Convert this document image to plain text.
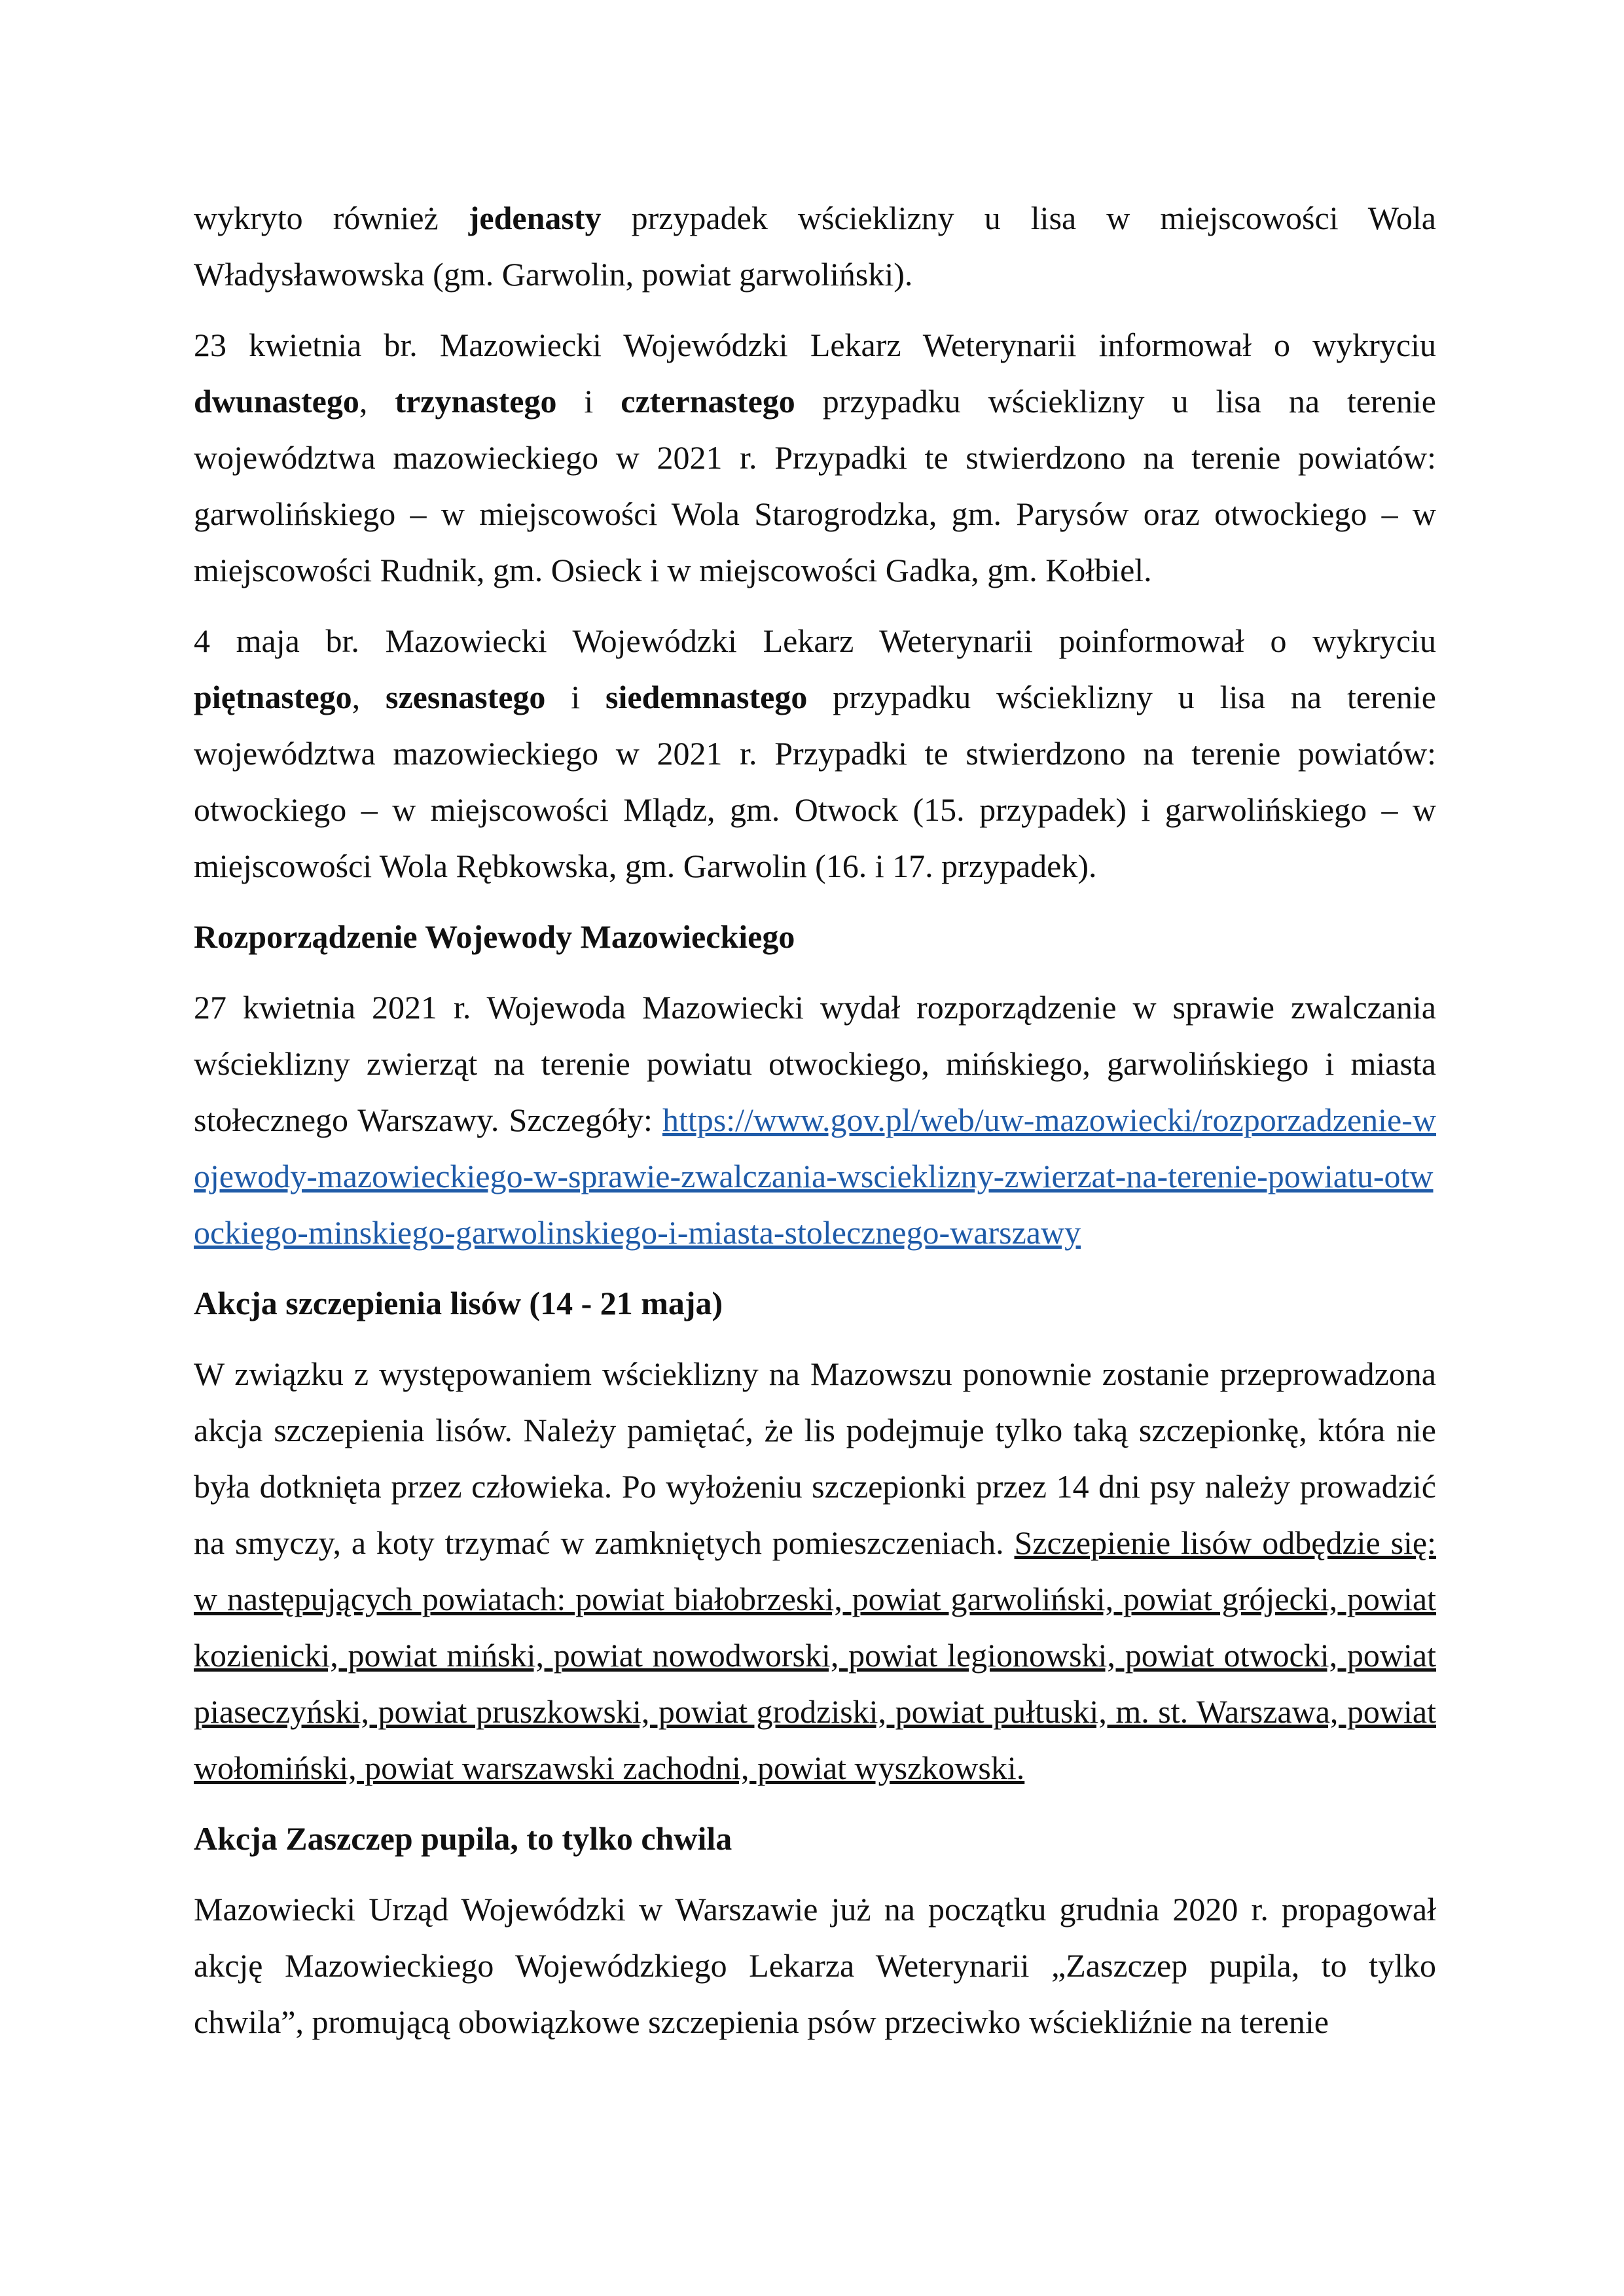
wykryto również jedenasty przypadek wścieklizny u lisa w miejscowości Wola Władysławowska (gm. Garwolin, powiat garwoliński).

23 kwietnia br. Mazowiecki Wojewódzki Lekarz Weterynarii informował o wykryciu dwunastego, trzynastego i czternastego przypadku wścieklizny u lisa na terenie województwa mazowieckiego w 2021 r. Przypadki te stwierdzono na terenie powiatów: garwolińskiego – w miejscowości Wola Starogrodzka, gm. Parysów oraz otwockiego – w miejscowości Rudnik, gm. Osieck i w miejscowości Gadka, gm. Kołbiel.

4 maja br. Mazowiecki Wojewódzki Lekarz Weterynarii poinformował o wykryciu piętnastego, szesnastego i siedemnastego przypadku wścieklizny u lisa na terenie województwa mazowieckiego w 2021 r. Przypadki te stwierdzono na terenie powiatów: otwockiego – w miejscowości Mlądz, gm. Otwock (15. przypadek) i garwolińskiego – w miejscowości Wola Rębkowska, gm. Garwolin (16. i 17. przypadek).

Rozporządzenie Wojewody Mazowieckiego

27 kwietnia 2021 r. Wojewoda Mazowiecki wydał rozporządzenie w sprawie zwalczania wścieklizny zwierząt na terenie powiatu otwockiego, mińskiego, garwolińskiego i miasta stołecznego Warszawy. Szczegóły: https://www.gov.pl/web/uw-mazowiecki/rozporzadzenie-wojewody-mazowieckiego-w-sprawie-zwalczania-wscieklizny-zwierzat-na-terenie-powiatu-otwockiego-minskiego-garwolinskiego-i-miasta-stolecznego-warszawy

Akcja szczepienia lisów (14 - 21 maja)

W związku z występowaniem wścieklizny na Mazowszu ponownie zostanie przeprowadzona akcja szczepienia lisów. Należy pamiętać, że lis podejmuje tylko taką szczepionkę, która nie była dotknięta przez człowieka. Po wyłożeniu szczepionki przez 14 dni psy należy prowadzić na smyczy, a koty trzymać w zamkniętych pomieszczeniach. Szczepienie lisów odbędzie się: w następujących powiatach: powiat białobrzeski, powiat garwoliński, powiat grójecki, powiat kozienicki, powiat miński, powiat nowodworski, powiat legionowski, powiat otwocki, powiat piaseczyński, powiat pruszkowski, powiat grodziski, powiat pułtuski, m. st. Warszawa, powiat wołomiński, powiat warszawski zachodni, powiat wyszkowski.

Akcja Zaszczep pupila, to tylko chwila

Mazowiecki Urząd Wojewódzki w Warszawie już na początku grudnia 2020 r. propagował akcję Mazowieckiego Wojewódzkiego Lekarza Weterynarii „Zaszczep pupila, to tylko chwila”, promującą obowiązkowe szczepienia psów przeciwko wściekliźnie na terenie
